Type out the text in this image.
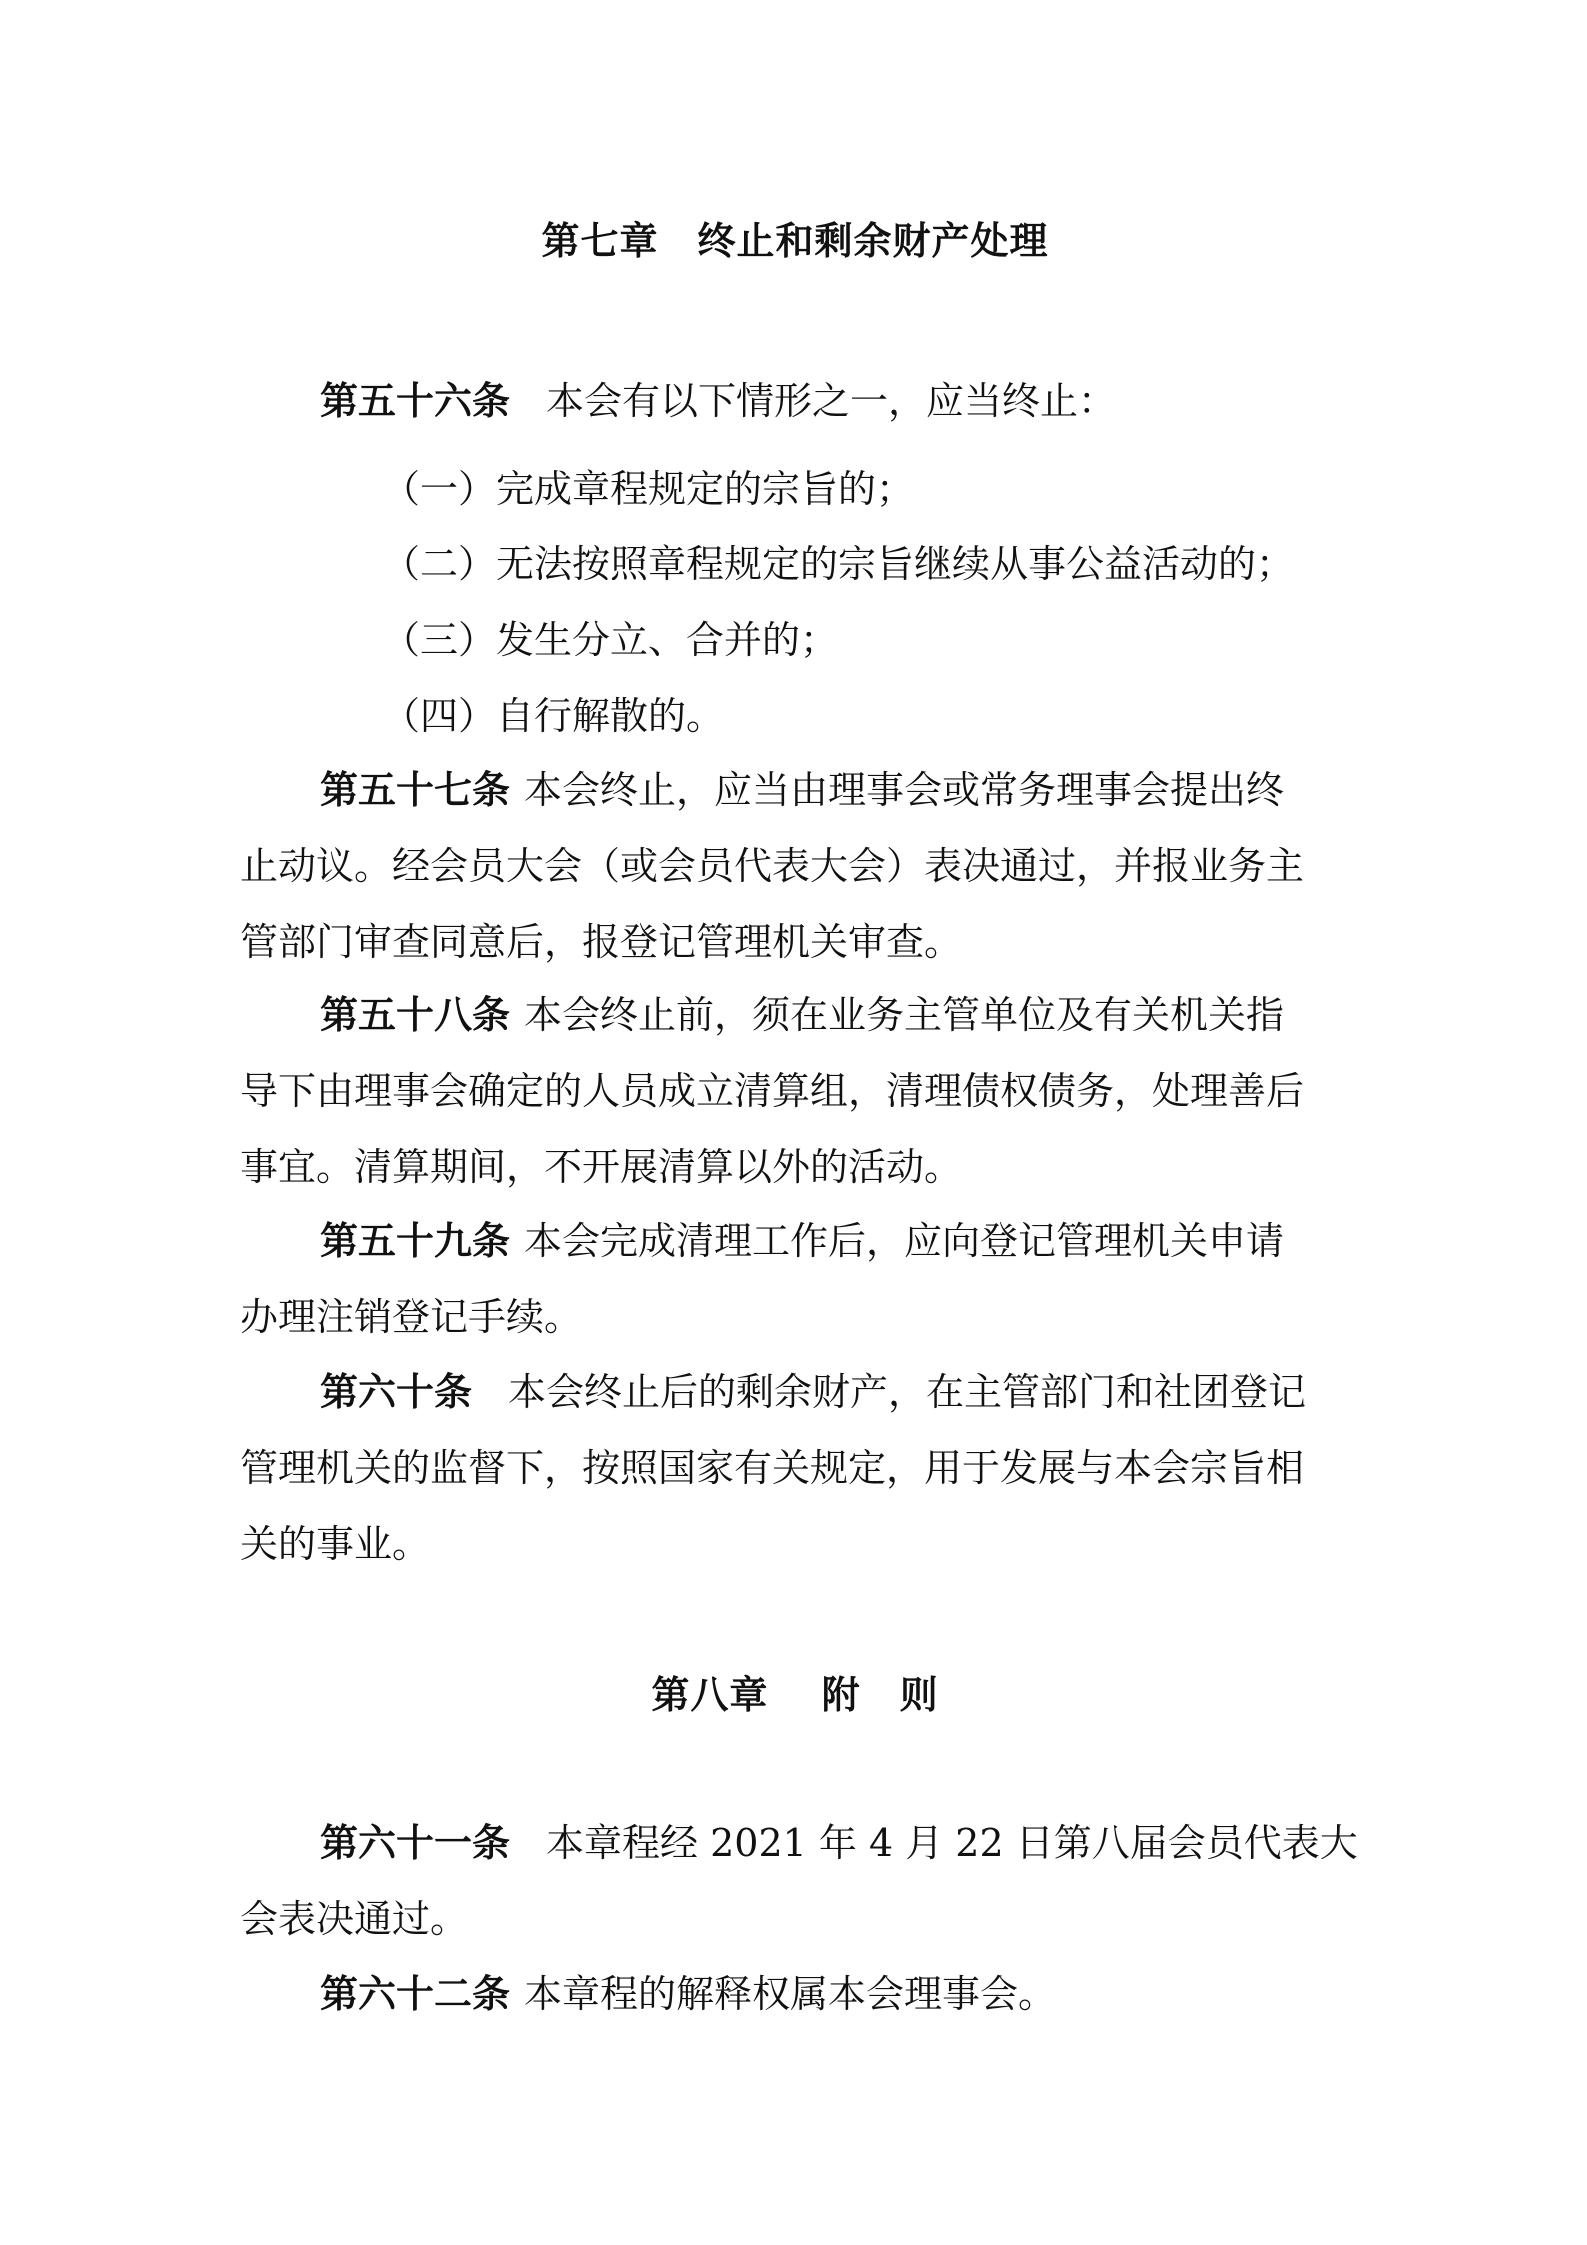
第七章　终止和剩余财产处理
第五十六条 本会有以下情形之一，应当终止：
（一）完成章程规定的宗旨的；
（二）无法按照章程规定的宗旨继续从事公益活动的；
（三）发生分立、合并的；
（四）自行解散的。
第五十七条 本会终止，应当由理事会或常务理事会提出终
止动议。经会员大会（或会员代表大会）表决通过，并报业务主
管部门审查同意后，报登记管理机关审查。
第五十八条 本会终止前，须在业务主管单位及有关机关指
导下由理事会确定的人员成立清算组，清理债权债务，处理善后
事宜。清算期间，不开展清算以外的活动。
第五十九条 本会完成清理工作后，应向登记管理机关申请
办理注销登记手续。
第六十条 本会终止后的剩余财产，在主管部门和社团登记
管理机关的监督下，按照国家有关规定，用于发展与本会宗旨相
关的事业。
第八章　 附　则
第六十一条 本章程经 2021 年 4 月 22 日第八届会员代表大
会表决通过。
第六十二条 本章程的解释权属本会理事会。
